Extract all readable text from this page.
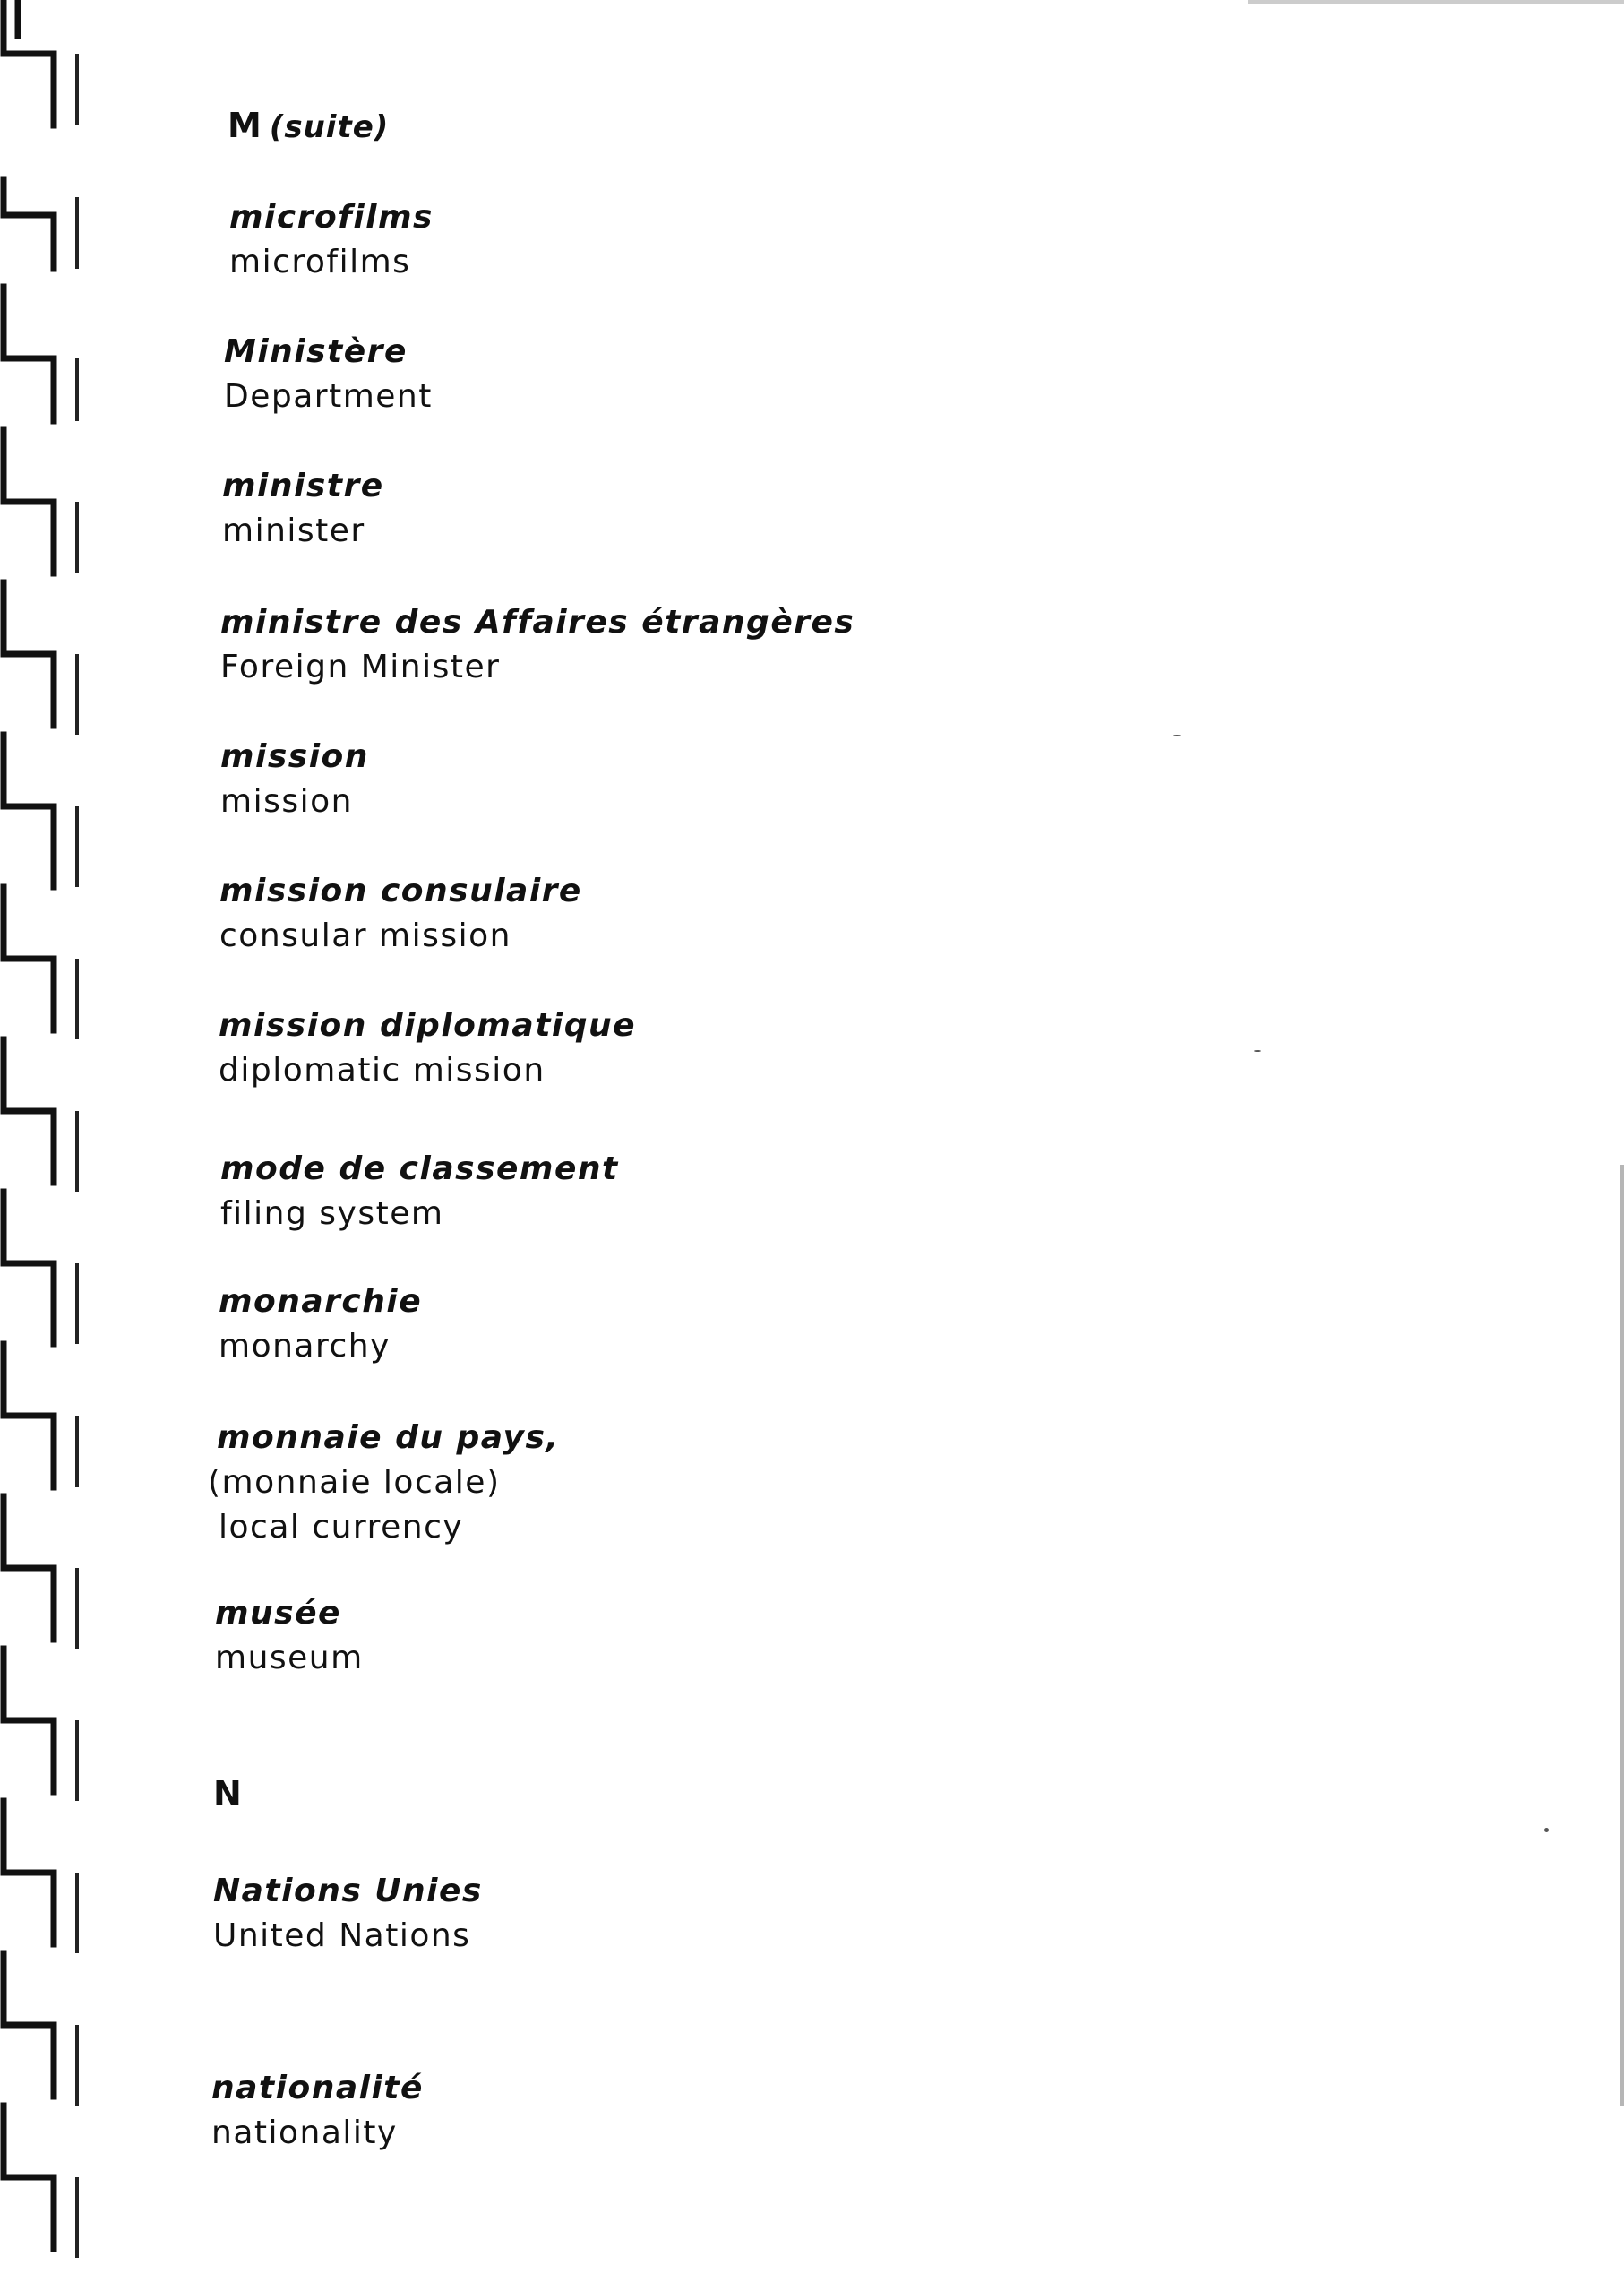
M (suite)
microfilms
microfilms
Ministère
Department
ministre
minister
ministre des Affaires étrangères
Foreign Minister
mission
mission
mission consulaire
consular mission
mission diplomatique
diplomatic mission
mode de classement
filing system
monarchie
monarchy
monnaie du pays,
(monnaie locale)
local currency
musée
museum
N
Nations Unies
United Nations
nationalité
nationality
